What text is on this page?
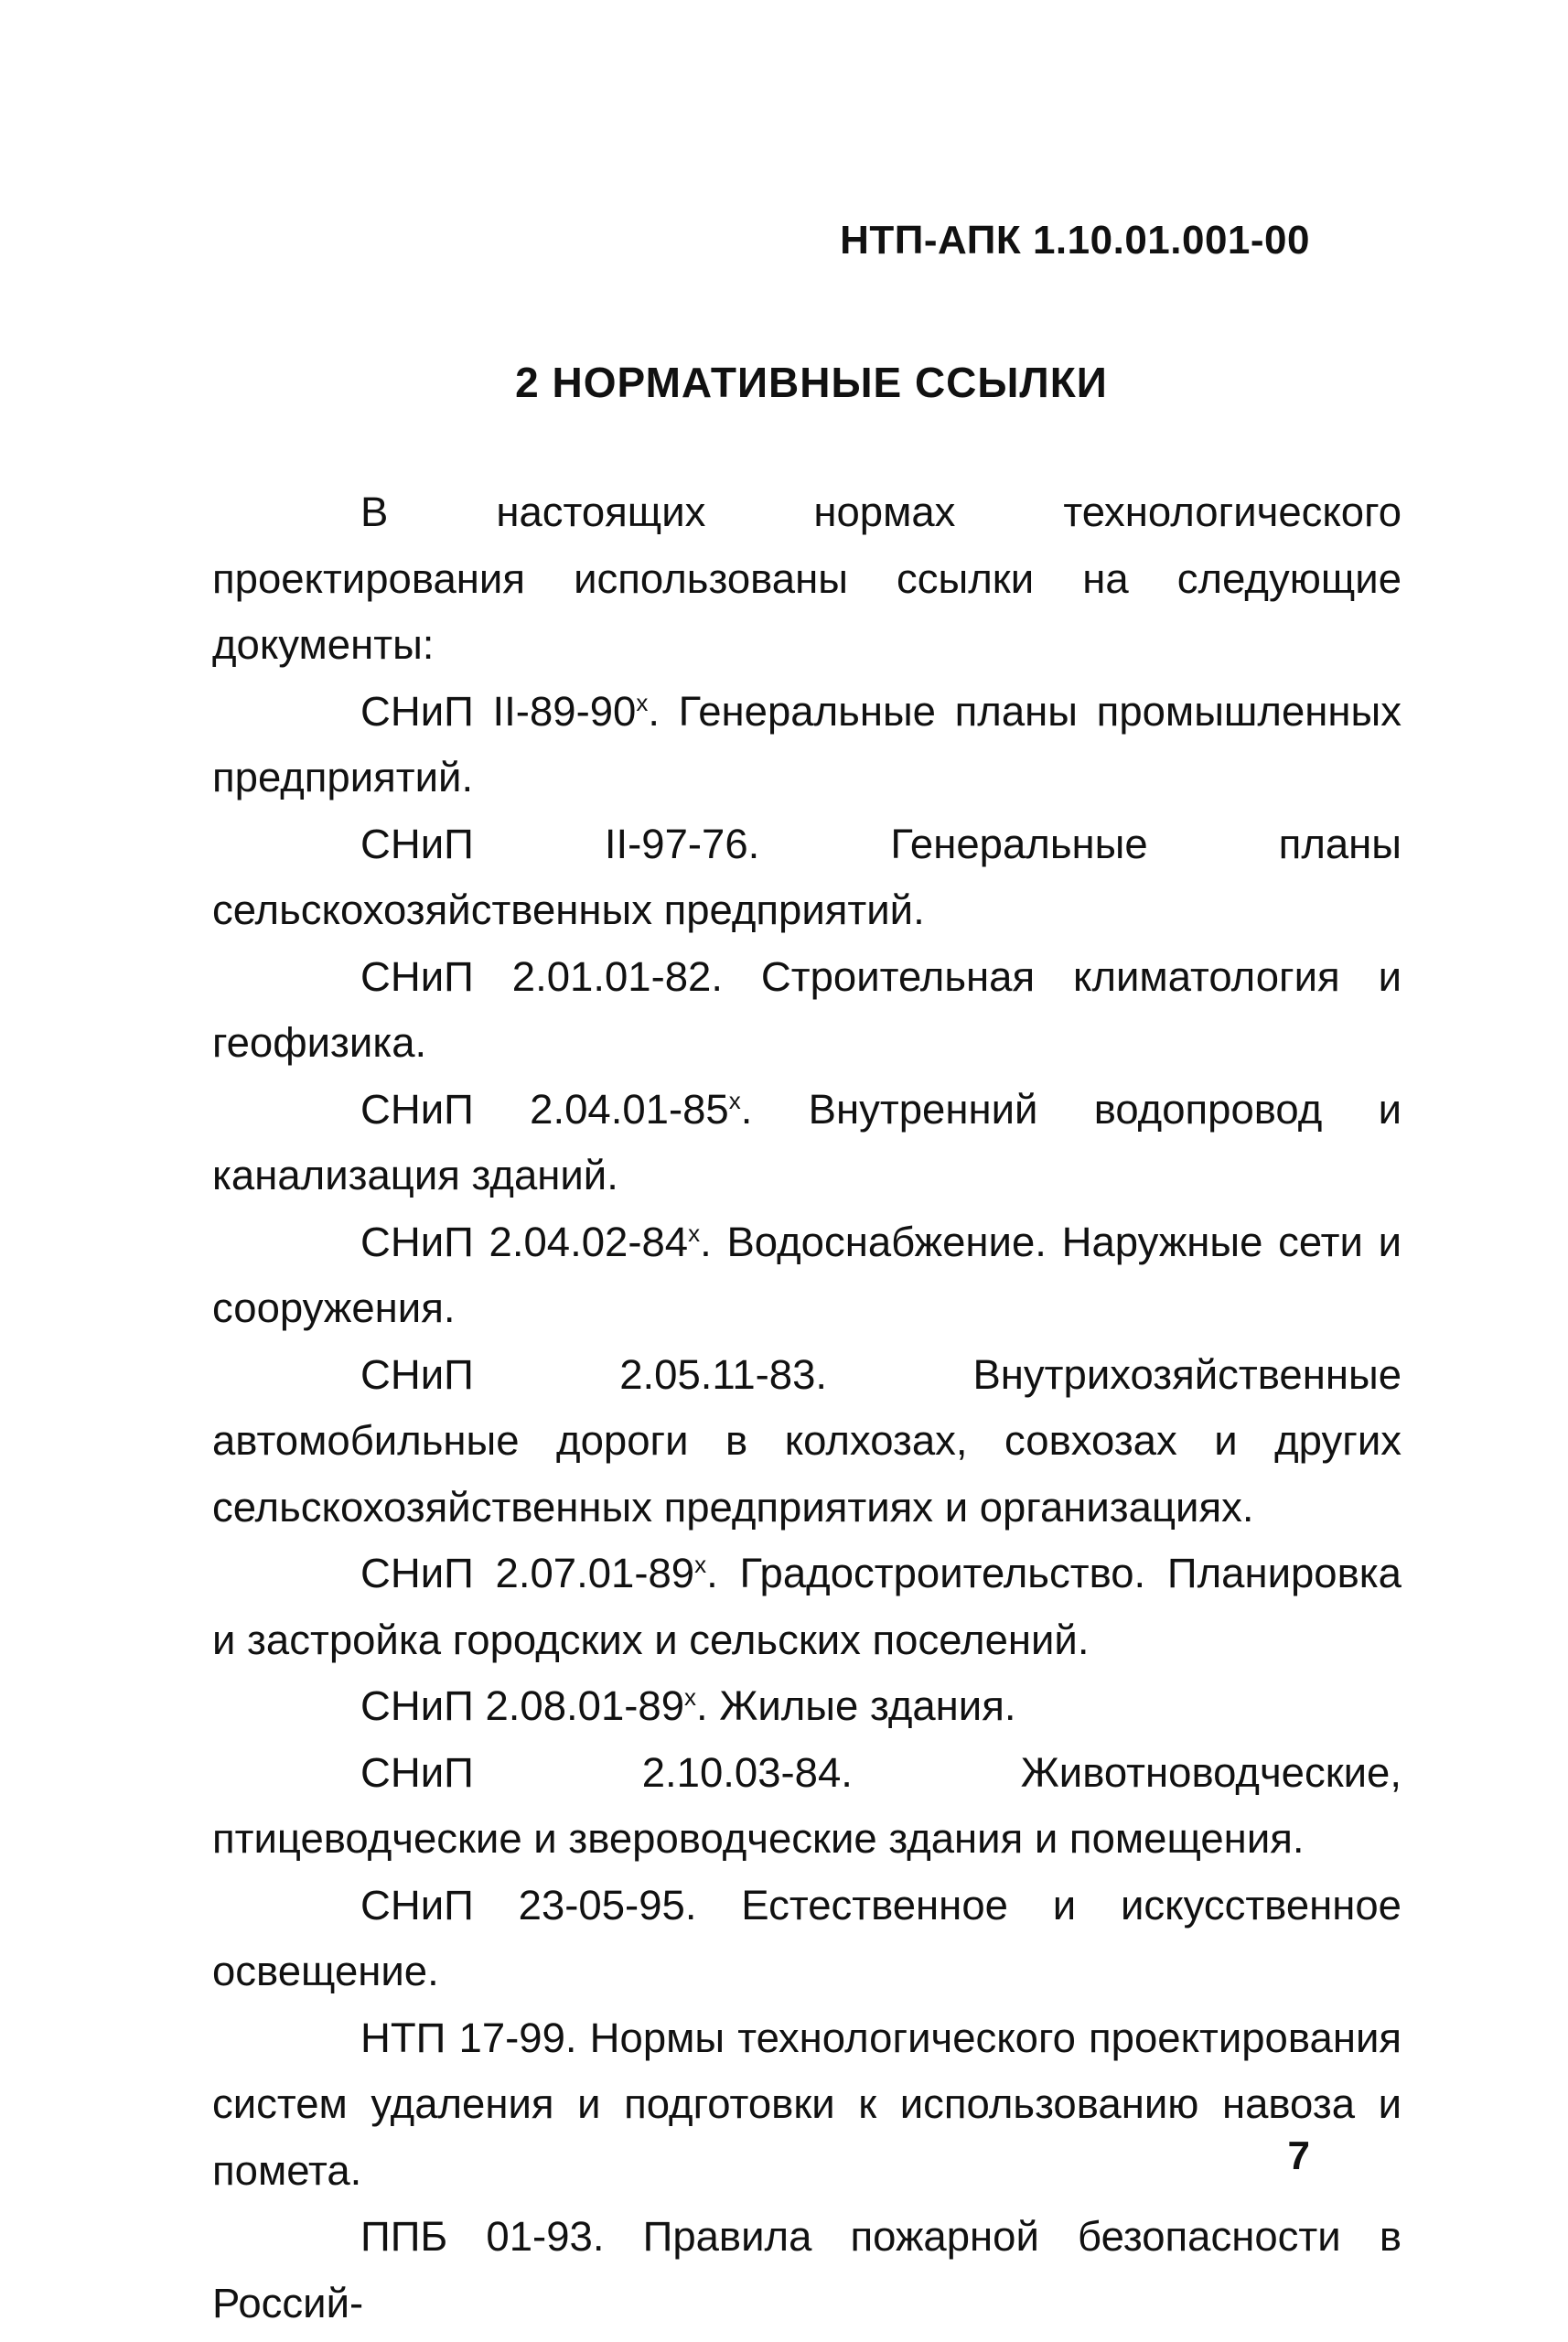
НТП-АПК 1.10.01.001-00
2 НОРМАТИВНЫЕ ССЫЛКИ

В настоящих нормах технологического проектирования использованы ссылки на следующие документы:

СНиП II-89-90$^x$. Генеральные планы промышленных предприятий.

СНиП II-97-76. Генеральные планы сельскохозяйственных предприятий.

СНиП 2.01.01-82. Строительная климатология и геофизика.

СНиП 2.04.01-85$^x$. Внутренний водопровод и канализация зданий.

СНиП 2.04.02-84$^x$. Водоснабжение. Наружные сети и сооружения.

СНиП 2.05.11-83. Внутрихозяйственные автомобильные дороги в колхозах, совхозах и других сельскохозяйственных предприятиях и организациях.

СНиП 2.07.01-89$^x$. Градостроительство. Планировка и застройка городских и сельских поселений.

СНиП 2.08.01-89$^x$. Жилые здания.

СНиП 2.10.03-84. Животноводческие, птицеводческие и звероводческие здания и помещения.

СНиП 23-05-95. Естественное и искусственное освещение.

НТП 17-99. Нормы технологического проектирования систем удаления и подготовки к использованию навоза и помета.

ППБ 01-93. Правила пожарной безопасности в Россий-

7
